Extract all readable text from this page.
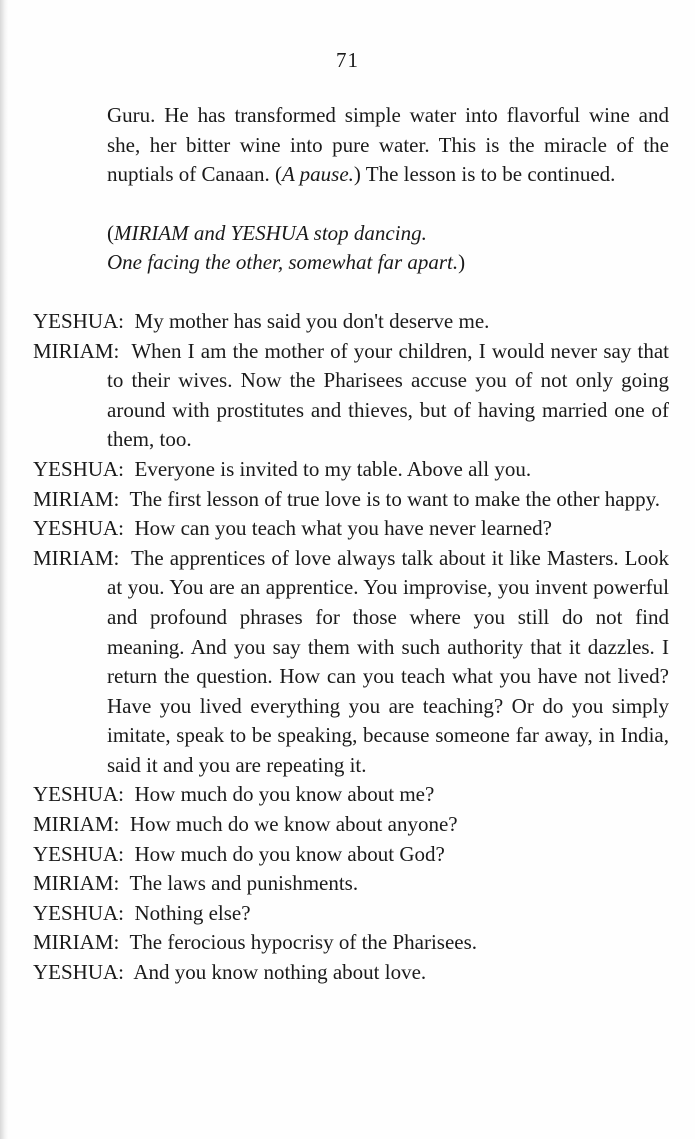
71

Guru. He has transformed simple water into flavorful wine and she, her bitter wine into pure water. This is the miracle of the nuptials of Canaan. (A pause.) The lesson is to be continued.

(MIRIAM and YESHUA stop dancing.
One facing the other, somewhat far apart.)

YESHUA: My mother has said you don't deserve me.

MIRIAM: When I am the mother of your children, I would never say that to their wives. Now the Pharisees accuse you of not only going around with prostitutes and thieves, but of having married one of them, too.

YESHUA: Everyone is invited to my table. Above all you.

MIRIAM: The first lesson of true love is to want to make the other happy.

YESHUA: How can you teach what you have never learned?

MIRIAM: The apprentices of love always talk about it like Masters. Look at you. You are an apprentice. You improvise, you invent powerful and profound phrases for those where you still do not find meaning. And you say them with such authority that it dazzles. I return the question. How can you teach what you have not lived? Have you lived everything you are teaching? Or do you simply imitate, speak to be speaking, because someone far away, in India, said it and you are repeating it.

YESHUA: How much do you know about me?

MIRIAM: How much do we know about anyone?

YESHUA: How much do you know about God?

MIRIAM: The laws and punishments.

YESHUA: Nothing else?

MIRIAM: The ferocious hypocrisy of the Pharisees.

YESHUA: And you know nothing about love.
